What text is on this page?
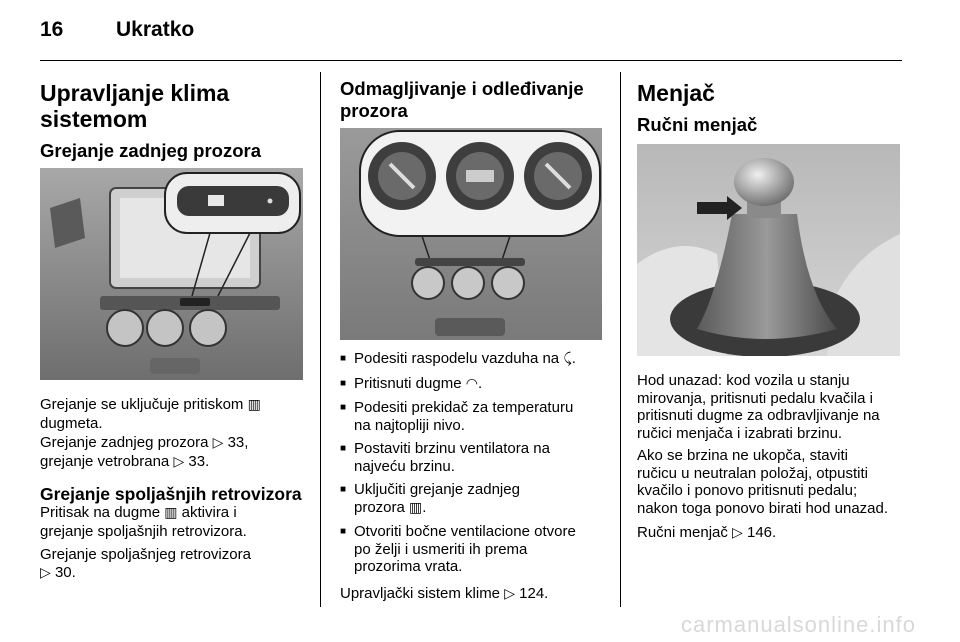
16	Ukratko
Upravljanje klima
sistemom
Grejanje zadnjeg prozora

Grejanje se uključuje pritiskom ▥
dugmeta.

Grejanje zadnjeg prozora ▷ 33,
grejanje vetrobrana ▷ 33.

Grejanje spoljašnjih retrovizora

Pritisak na dugme ▥ aktivira i
grejanje spoljašnjih retrovizora.

Grejanje spoljašnjeg retrovizora
▷ 30.

Odmagljivanje i odleđivanje
prozora
■ Podesiti raspodelu vazduha na ⤹.
■ Pritisnuti dugme ◠.
■ Podesiti prekidač za temperaturu
na najtopliji nivo.
■ Postaviti brzinu ventilatora na
najveću brzinu.
■ Uključiti grejanje zadnjeg
prozora ▥.
■ Otvoriti bočne ventilacione otvore
po želji i usmeriti ih prema
prozorima vrata.

Upravljački sistem klime ▷ 124.

Menjač
Ručni menjač

Hod unazad: kod vozila u stanju
mirovanja, pritisnuti pedalu kvačila i
pritisnuti dugme za odbravljivanje na
ručici menjača i izabrati brzinu.

Ako se brzina ne ukopča, staviti
ručicu u neutralan položaj, otpustiti
kvačilo i ponovo pritisnuti pedalu;
nakon toga ponovo birati hod unazad.

Ručni menjač ▷ 146.

carmanualsonline.info
